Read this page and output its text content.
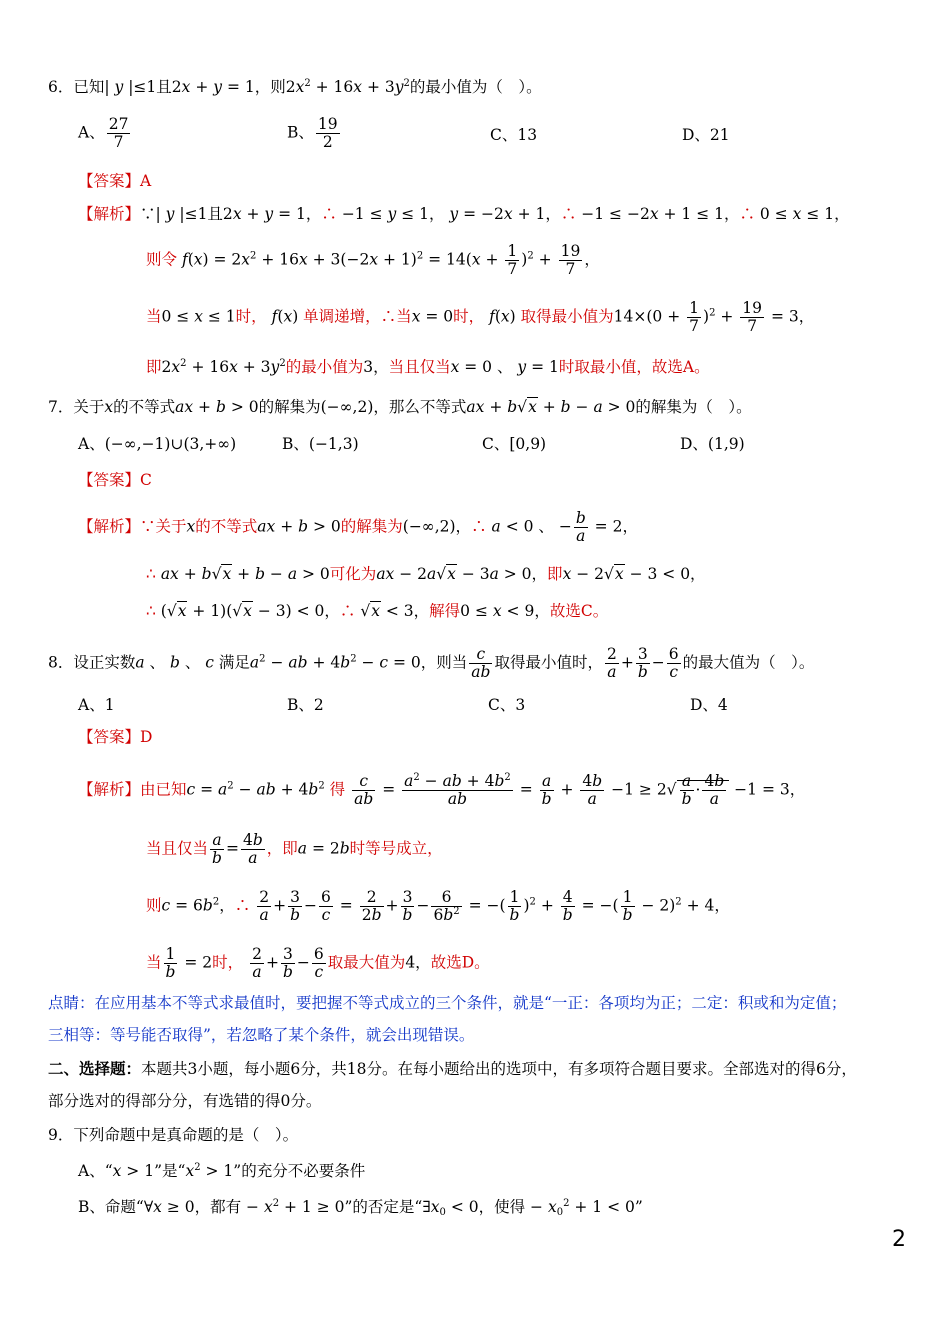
6．已知| y |≤1且2x + y = 1，则$2x^2 + 16x + 3y^2$的最小值为（　）。
A、 $\frac{27}{7}$	B、 $\frac{19}{2}$	C、13	D、21
【答案】A
【解析】∵| y |≤1且2x + y = 1，∴ −1 ≤ y ≤ 1， y = −2x + 1，∴ −1 ≤ −2x + 1 ≤ 1，∴ 0 ≤ x ≤ 1，
则令 $f(x) = 2x^2 + 16x + 3(-2x + 1)^2 = 14(x + \frac{1}{7} )^2 + \frac{19}{7}$ ，
当0 ≤ x ≤ 1时， f(x) 单调递增，∴当x = 0时， f(x) 取得最小值为$14\times(0 + \frac{1}{7} )^2 + \frac{19}{7} = 3$，
即$2x^2 + 16x + 3y^2$的最小值为3，当且仅当x = 0 、 y = 1时取最小值，故选A。
7．关于x的不等式ax + b > 0的解集为(−∞,2)，那么不等式ax + b√x + b − a > 0的解集为（　）。
A、(−∞,−1)∪(3,+∞)	B、(−1,3)	C、[0,9)	D、(1,9)
【答案】C
【解析】∵关于x的不等式ax + b > 0的解集为(−∞,2)，∴ a < 0 、 − $\frac{b}{a} = 2$，
∴ ax + b√x + b − a > 0可化为ax − 2a√x − 3a > 0，即x − 2√x − 3 < 0，
∴ (√x + 1)(√x − 3) < 0，∴ √x < 3，解得0 ≤ x < 9，故选C。
8．设正实数a 、 b 、 c 满足$a^2$ − ab + $4b^2 - c = 0$，则当 $\frac{c}{ab}$ 取得最小值时， $\frac{2}{a} + \frac{3}{b} - \frac{6}{c}$ 的最大值为（　）。
A、1	B、2	C、3	D、4
【答案】D
【解析】由已知$c = a^2$ − ab + $4b^2$ 得 $\frac{c}{ab} = \frac{a^2 - ab + 4b^2}{ab} = \frac{a}{b} + \frac{4b}{a} -1 \ge 2√ \frac{a}{b} \cdot \frac{4b}{a} -1 = 3$，
当且仅当 $\frac{a}{b} = \frac{4b}{a}$ ，即a = 2b时等号成立，
则$c = 6b^2$，∴ $\frac{2}{a} + \frac{3}{b} - \frac{6}{c} = \frac{2}{2b} + \frac{3}{b} - \frac{6}{6b^2}$ = −( $\frac{1}{b} )^2 + \frac{4}{b}$ = −( $\frac{1}{b} - 2)^2 + 4$，
当 $\frac{1}{b} = 2$时， $\frac{2}{a} + \frac{3}{b} - \frac{6}{c}$ 取最大值为4，故选D。
点睛：在应用基本不等式求最值时，要把握不等式成立的三个条件，就是“一正：各项均为正；二定：积或和为定值；
三相等：等号能否取得”，若忽略了某个条件，就会出现错误。
二、选择题：本题共3小题，每小题6分，共18分。在每小题给出的选项中，有多项符合题目要求。全部选对的得6分，
部分选对的得部分分，有选错的得0分。
9．下列命题中是真命题的是（　）。
A、“x > 1”是“$x^2 > 1$”的充分不必要条件
B、命题“∀x ≥ 0，都有 − $x^2 + 1 \ge 0$”的否定是“$\exists x_0 < 0$，使得 − $x_0^2 + 1 < 0$”
2
